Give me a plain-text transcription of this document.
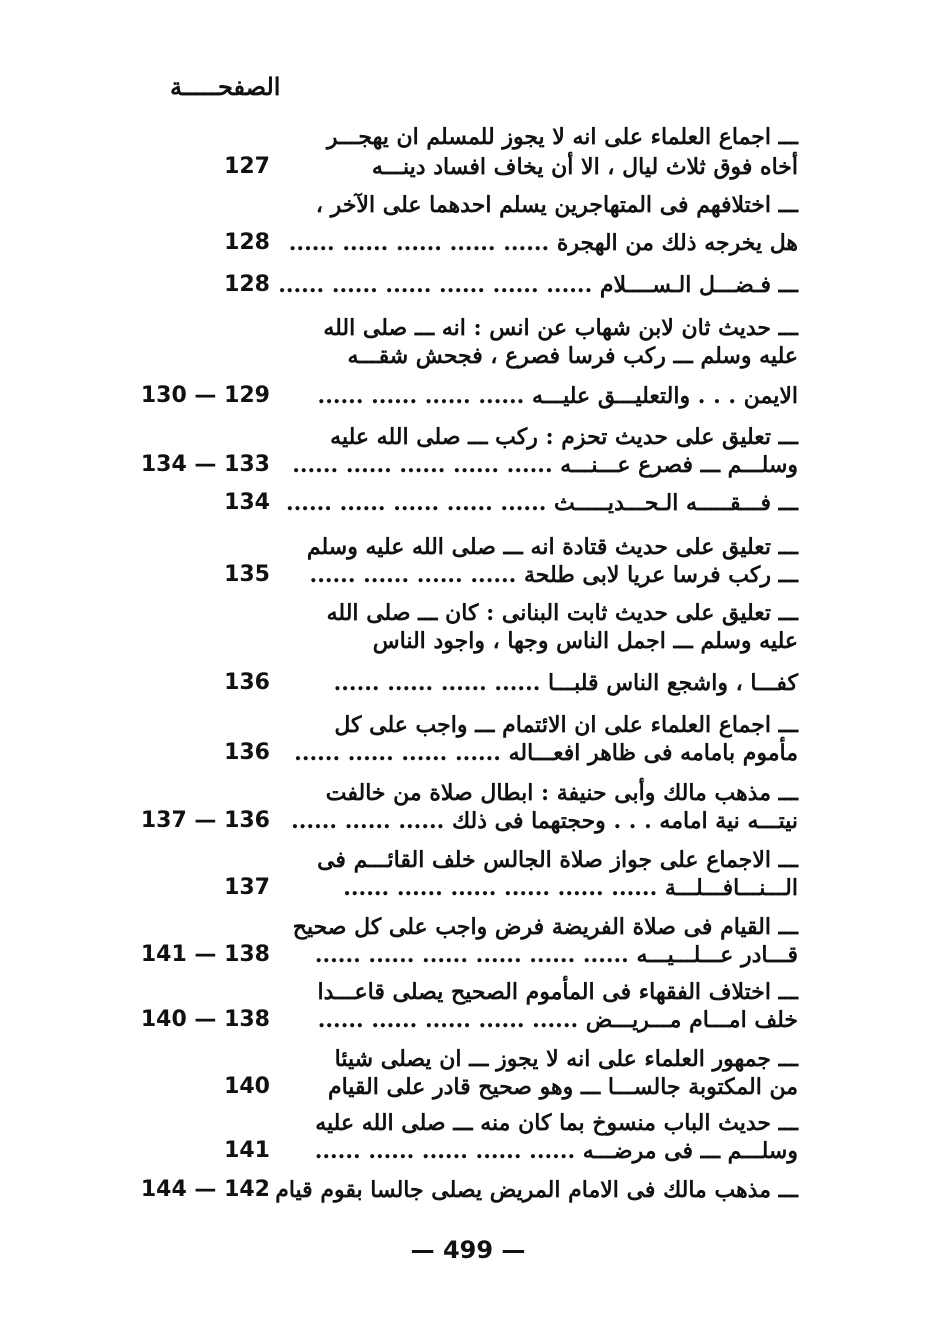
الصفحـــــة
ـــ اجماع العلماء على انه لا يجوز للمسلم ان يهجـــر
أخاه فوق ثلاث ليال ، الا أن يخاف افساد دينـــه
127
ـــ اختلافهم فى المتهاجرين يسلم احدهما على الآخر ،
هل يخرجه ذلك من الهجرة ...... ...... ...... ...... ......
128
ـــ فـضـــل الـســــلام ...... ...... ...... ...... ...... ......
128
ـــ حديث ثان لابن شهاب عن انس : انه ـــ صلى الله
عليه وسلم ـــ ركب فرسا فصرع ، فجحش شقـــه
الايمن . . . والتعليـــق عليـــه ...... ...... ...... ......
130 — 129
ـــ تعليق على حديث تحزم : ركب ـــ صلى الله عليه
وسلـــم ـــ فصرع عـــنـــه ...... ...... ...... ...... ......
134 — 133
ـــ فـــقـــــه الـحـــديـــــث ...... ...... ...... ...... ......
134
ـــ تعليق على حديث قتادة انه ـــ صلى الله عليه وسلم
ـــ ركب فرسا عريا لابى طلحة ...... ...... ...... ......
135
ـــ تعليق على حديث ثابت البنانى : كان ـــ صلى الله
عليه وسلم ـــ اجمل الناس وجها ، واجود الناس
كفـــا ، واشجع الناس قلبـــا ...... ...... ...... ......
136
ـــ اجماع العلماء على ان الائتمام ـــ واجب على كل
مأموم بامامه فى ظاهر افعـــاله ...... ...... ...... ......
136
ـــ مذهب مالك وأبى حنيفة : ابطال صلاة من خالفت
نيتـــه نية امامه . . . وحجتهما فى ذلك ...... ...... ......
137 — 136
ـــ الاجماع على جواز صلاة الجالس خلف القائـــم فى
الـــنـــافـــلـــة ...... ...... ...... ...... ...... ......
137
ـــ القيام فى صلاة الفريضة فرض واجب على كل صحيح
قـــادر عـــلـــيـــه ...... ...... ...... ...... ...... ......
141 — 138
ـــ اختلاف الفقهاء فى المأموم الصحيح يصلى قاعـــدا
خلف امـــام مـــريـــض ...... ...... ...... ...... ......
140 — 138
ـــ جمهور العلماء على انه لا يجوز ـــ ان يصلى شيئا
من المكتوبة جالســـا ـــ وهو صحيح قادر على القيام
140
ـــ حديث الباب منسوخ بما كان منه ـــ صلى الله عليه
وسلـــم ـــ فى مرضـــه ...... ...... ...... ...... ......
141
ـــ مذهب مالك فى الامام المريض يصلى جالسا بقوم قيام
144 — 142
— 499 —
